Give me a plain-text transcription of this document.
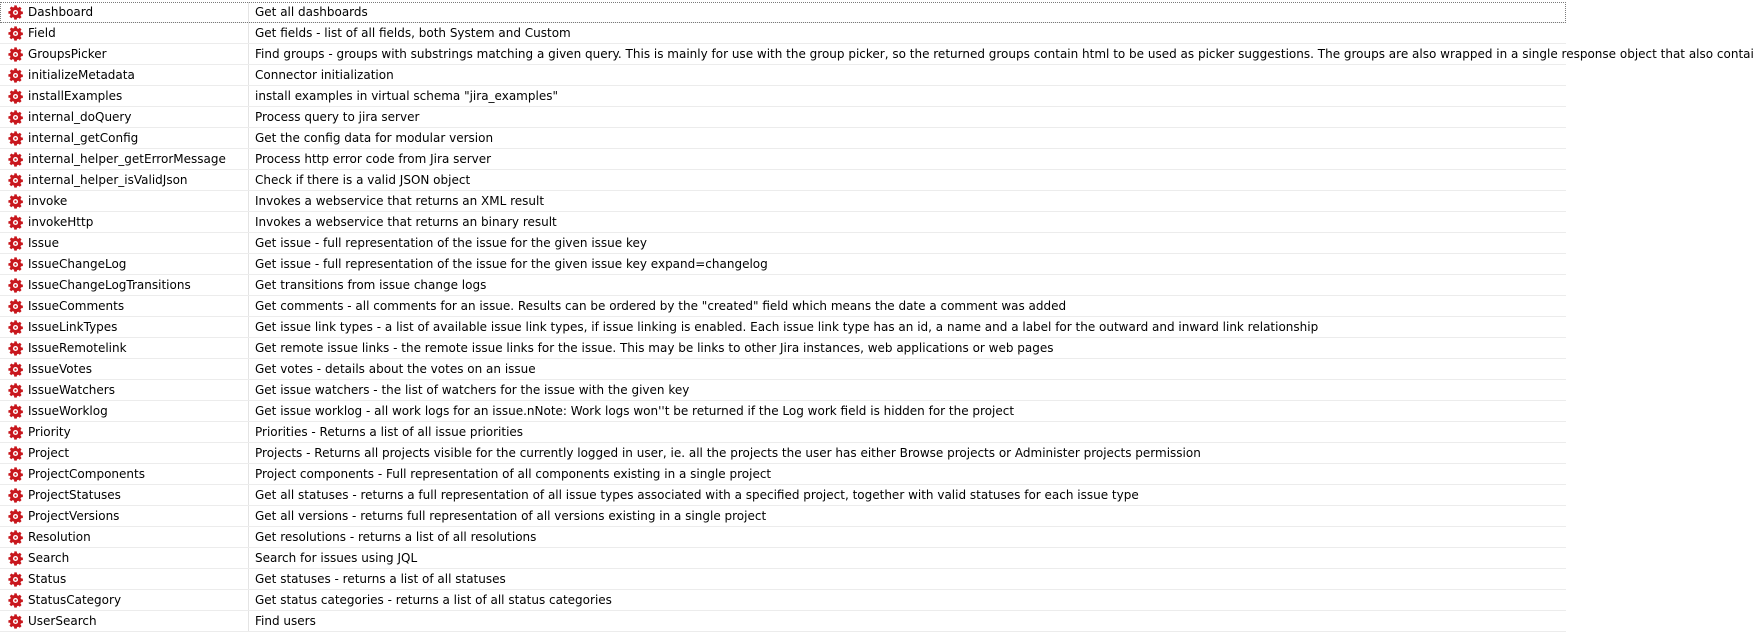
Dashboard	Get all dashboards
Field	Get fields - list of all fields, both System and Custom
GroupsPicker	Find groups - groups with substrings matching a given query. This is mainly for use with the group picker, so the returned groups contain html to be used as picker suggestions. The groups are also wrapped in a single response object that also contai
initializeMetadata	Connector initialization
installExamples	install examples in virtual schema "jira_examples"
internal_doQuery	Process query to jira server
internal_getConfig	Get the config data for modular version
internal_helper_getErrorMessage Process http error code from Jira server
internal_helper_isValidJson	Check if there is a valid JSON object
invoke	Invokes a webservice that returns an XML result
invokeHttp	Invokes a webservice that returns an binary result
Issue	Get issue - full representation of the issue for the given issue key
IssueChangeLog	Get issue - full representation of the issue for the given issue key expand=changelog
IssueChangeLogTransitions	Get transitions from issue change logs
IssueComments	Get comments - all comments for an issue. Results can be ordered by the "created" field which means the date a comment was added
IssueLinkTypes	Get issue link types - a list of available issue link types, if issue linking is enabled. Each issue link type has an id, a name and a label for the outward and inward link relationship
IssueRemotelink	Get remote issue links - the remote issue links for the issue. This may be links to other Jira instances, web applications or web pages
IssueVotes	Get votes - details about the votes on an issue
IssueWatchers	Get issue watchers - the list of watchers for the issue with the given key
IssueWorklog	Get issue worklog - all work logs for an issue.nNote: Work logs won''t be returned if the Log work field is hidden for the project
Priority	Priorities - Returns a list of all issue priorities
Project	Projects - Returns all projects visible for the currently logged in user, ie. all the projects the user has either Browse projects or Administer projects permission
ProjectComponents	Project components - Full representation of all components existing in a single project
ProjectStatuses	Get all statuses - returns a full representation of all issue types associated with a specified project, together with valid statuses for each issue type
ProjectVersions	Get all versions - returns full representation of all versions existing in a single project
Resolution	Get resolutions - returns a list of all resolutions
Search	Search for issues using JQL
Status	Get statuses - returns a list of all statuses
StatusCategory	Get status categories - returns a list of all status categories
UserSearch	Find users
